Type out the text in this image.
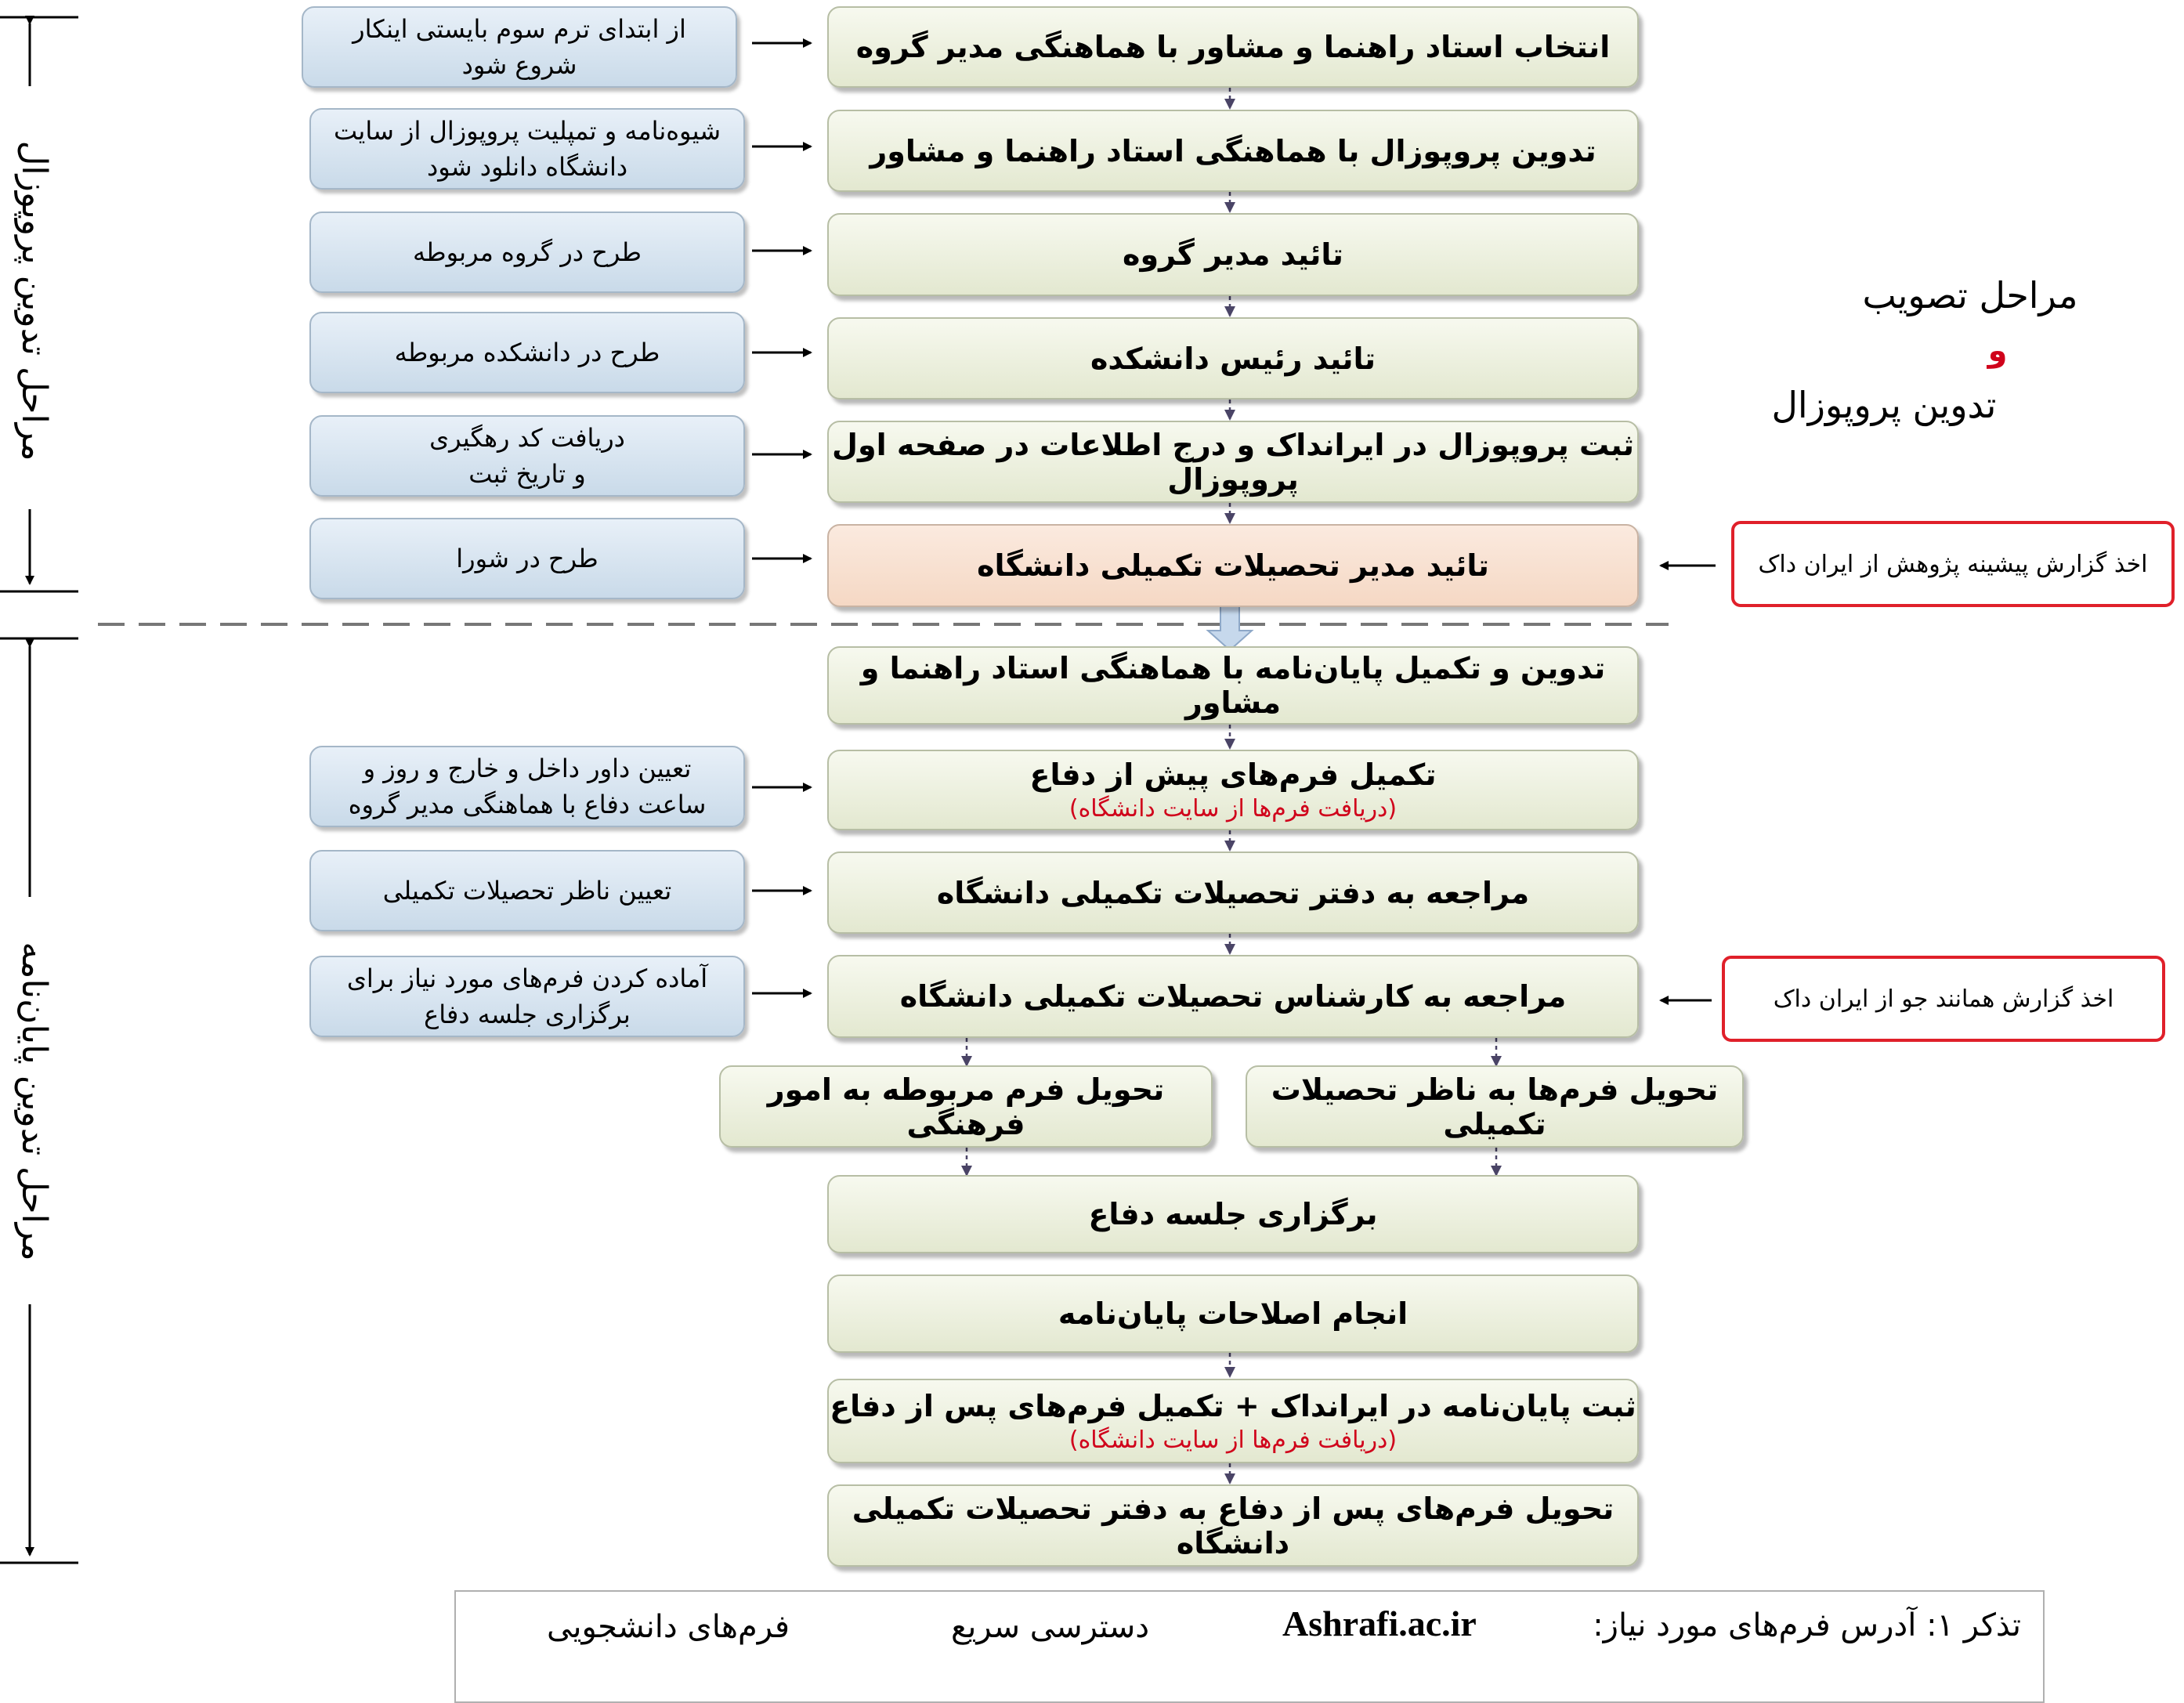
مراحل تدوین پروپوزال
مراحل تدوین پایان‌نامه
انتخاب استاد راهنما و مشاور با هماهنگی مدیر گروه
تدوین پروپوزال با هماهنگی استاد راهنما و مشاور
تائید مدیر گروه
تائید رئیس دانشکده
ثبت پروپوزال در ایرانداک و درج اطلاعات در صفحه اول پروپوزال
تائید مدیر تحصیلات تکمیلی دانشگاه
تدوین و تکمیل پایان‌نامه با هماهنگی استاد راهنما و مشاور
تکمیل فرم‌های پیش از دفاع
(دریافت فرم‌ها از سایت دانشگاه)
مراجعه به دفتر تحصیلات تکمیلی دانشگاه
مراجعه به کارشناس تحصیلات تکمیلی دانشگاه
تحویل فرم‌ها به ناظر تحصیلات تکمیلی
تحویل فرم مربوطه به امور فرهنگی
برگزاری جلسه دفاع
انجام اصلاحات پایان‌نامه
ثبت پایان‌نامه در ایرانداک + تکمیل فرم‌های پس از دفاع
(دریافت فرم‌ها از سایت دانشگاه)
تحویل فرم‌های پس از دفاع به دفتر تحصیلات تکمیلی دانشگاه
از ابتدای ترم سوم بایستی اینکار
شروع شود
شیوه‌نامه و تمپلیت پروپوزال از سایت
دانشگاه دانلود شود
طرح در گروه مربوطه
طرح در دانشکده مربوطه
دریافت کد رهگیری
و تاریخ ثبت
طرح در شورا
تعیین داور داخل و خارج و روز و
ساعت دفاع با هماهنگی مدیر گروه
تعیین ناظر تحصیلات تکمیلی
آماده کردن فرم‌های مورد نیاز برای
برگزاری جلسه دفاع
اخذ گزارش پیشینه پژوهش از ایران داک
اخذ گزارش همانند جو از ایران داک
مراحل تصویب
و
تدوین پروپوزال
تذکر ۱: آدرس فرم‌های مورد نیاز:
Ashrafi.ac.ir
دسترسی سریع
فرم‌های دانشجویی
